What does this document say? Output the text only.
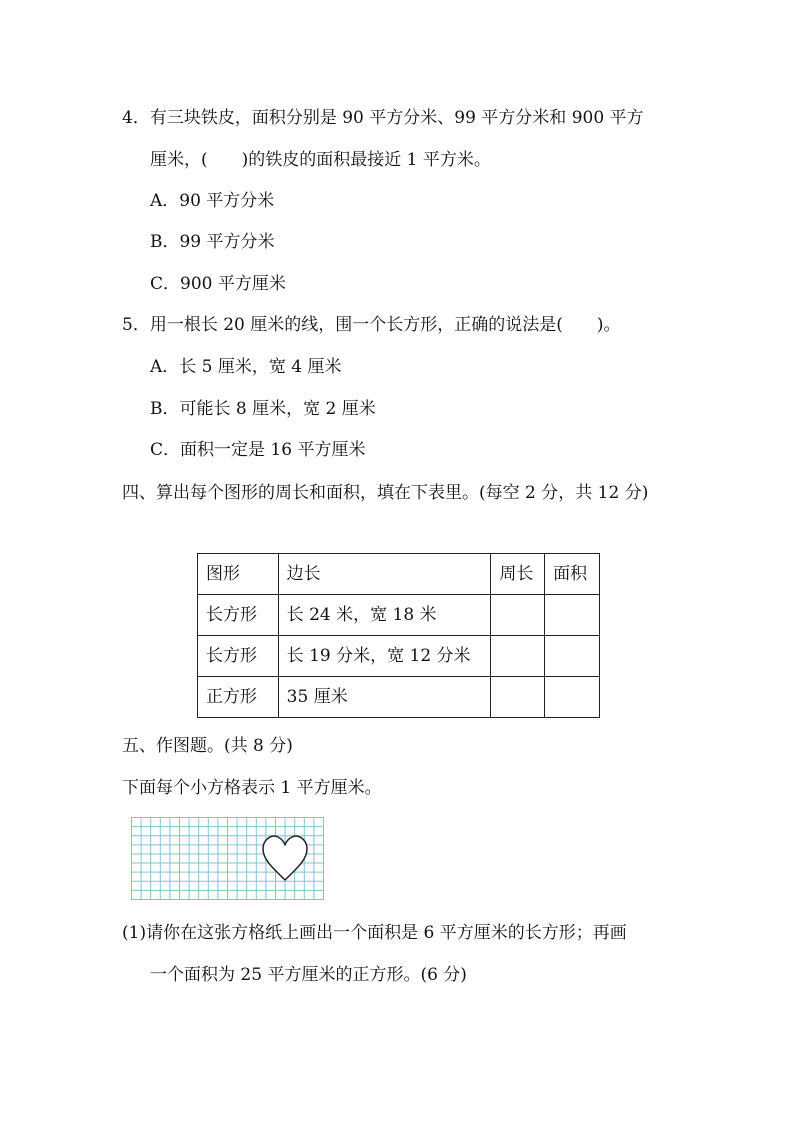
4．有三块铁皮，面积分别是 90 平方分米、99 平方分米和 900 平方
厘米，(　　)的铁皮的面积最接近 1 平方米。
A．90 平方分米
B．99 平方分米
C．900 平方厘米
5．用一根长 20 厘米的线，围一个长方形，正确的说法是(　　)。
A．长 5 厘米，宽 4 厘米
B．可能长 8 厘米，宽 2 厘米
C．面积一定是 16 平方厘米
四、算出每个图形的周长和面积，填在下表里。(每空 2 分，共 12 分)
图形	边长	周长	面积
长方形	长 24 米，宽 18 米		
长方形	长 19 分米，宽 12 分米		
正方形	35 厘米		
五、作图题。(共 8 分)
下面每个小方格表示 1 平方厘米。
(1)请你在这张方格纸上画出一个面积是 6 平方厘米的长方形；再画
一个面积为 25 平方厘米的正方形。(6 分)
